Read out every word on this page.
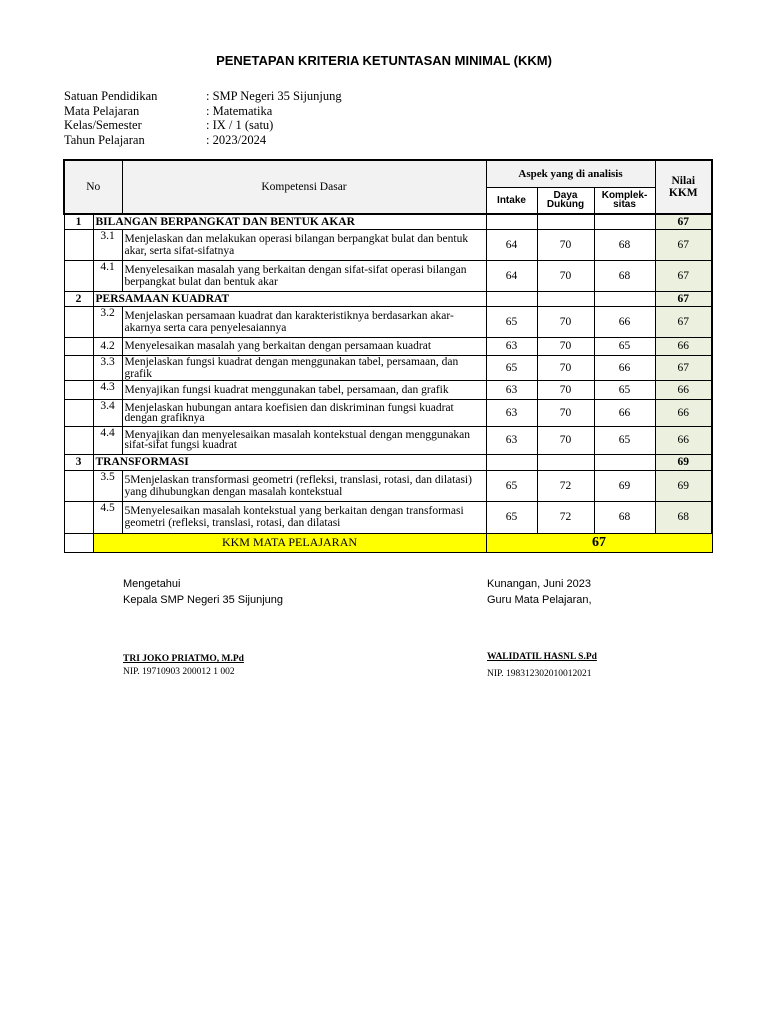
PENETAPAN KRITERIA KETUNTASAN MINIMAL (KKM)
Satuan Pendidikan	: SMP Negeri 35 Sijunjung
Mata Pelajaran	: Matematika
Kelas/Semester	: IX / 1 (satu)
Tahun Pelajaran	: 2023/2024
No		Kompetensi Dasar	Aspek yang di analisis			Nilai KKM
			Intake	Daya Dukung	Komplek-sitas	
1	BILANGAN BERPANGKAT DAN BENTUK AKAR					67
	3.1	Menjelaskan dan melakukan operasi bilangan berpangkat bulat dan bentuk akar, serta sifat-sifatnya	64	70	68	67
	4.1	Menyelesaikan masalah yang berkaitan dengan sifat-sifat operasi bilangan berpangkat bulat dan bentuk akar	64	70	68	67
2	PERSAMAAN KUADRAT					67
	3.2	Menjelaskan persamaan kuadrat dan karakteristiknya berdasarkan akar-akarnya serta cara penyelesaiannya	65	70	66	67
	4.2	Menyelesaikan masalah yang berkaitan dengan persamaan kuadrat	63	70	65	66
	3.3	Menjelaskan fungsi kuadrat dengan menggunakan tabel, persamaan, dan grafik	65	70	66	67
	4.3	Menyajikan fungsi kuadrat menggunakan tabel, persamaan, dan grafik	63	70	65	66
	3.4	Menjelaskan hubungan antara koefisien dan diskriminan fungsi kuadrat dengan grafiknya	63	70	66	66
	4.4	Menyajikan dan menyelesaikan masalah kontekstual dengan menggunakan sifat-sifat fungsi kuadrat	63	70	65	66
3	TRANSFORMASI					69
	3.5	5Menjelaskan transformasi geometri (refleksi, translasi, rotasi, dan dilatasi) yang dihubungkan dengan masalah kontekstual	65	72	69	69
	4.5	5Menyelesaikan masalah kontekstual yang berkaitan dengan transformasi geometri (refleksi, translasi, rotasi, dan dilatasi	65	72	68	68
	KKM MATA PELAJARAN		67			
Mengetahui
Kepala SMP Negeri 35 Sijunjung
TRI JOKO PRIATMO, M.Pd
NIP. 19710903 200012 1 002
Kunangan, Juni 2023
Guru Mata Pelajaran,
WALIDATIL HASNL S.Pd
NIP. 198312302010012021
